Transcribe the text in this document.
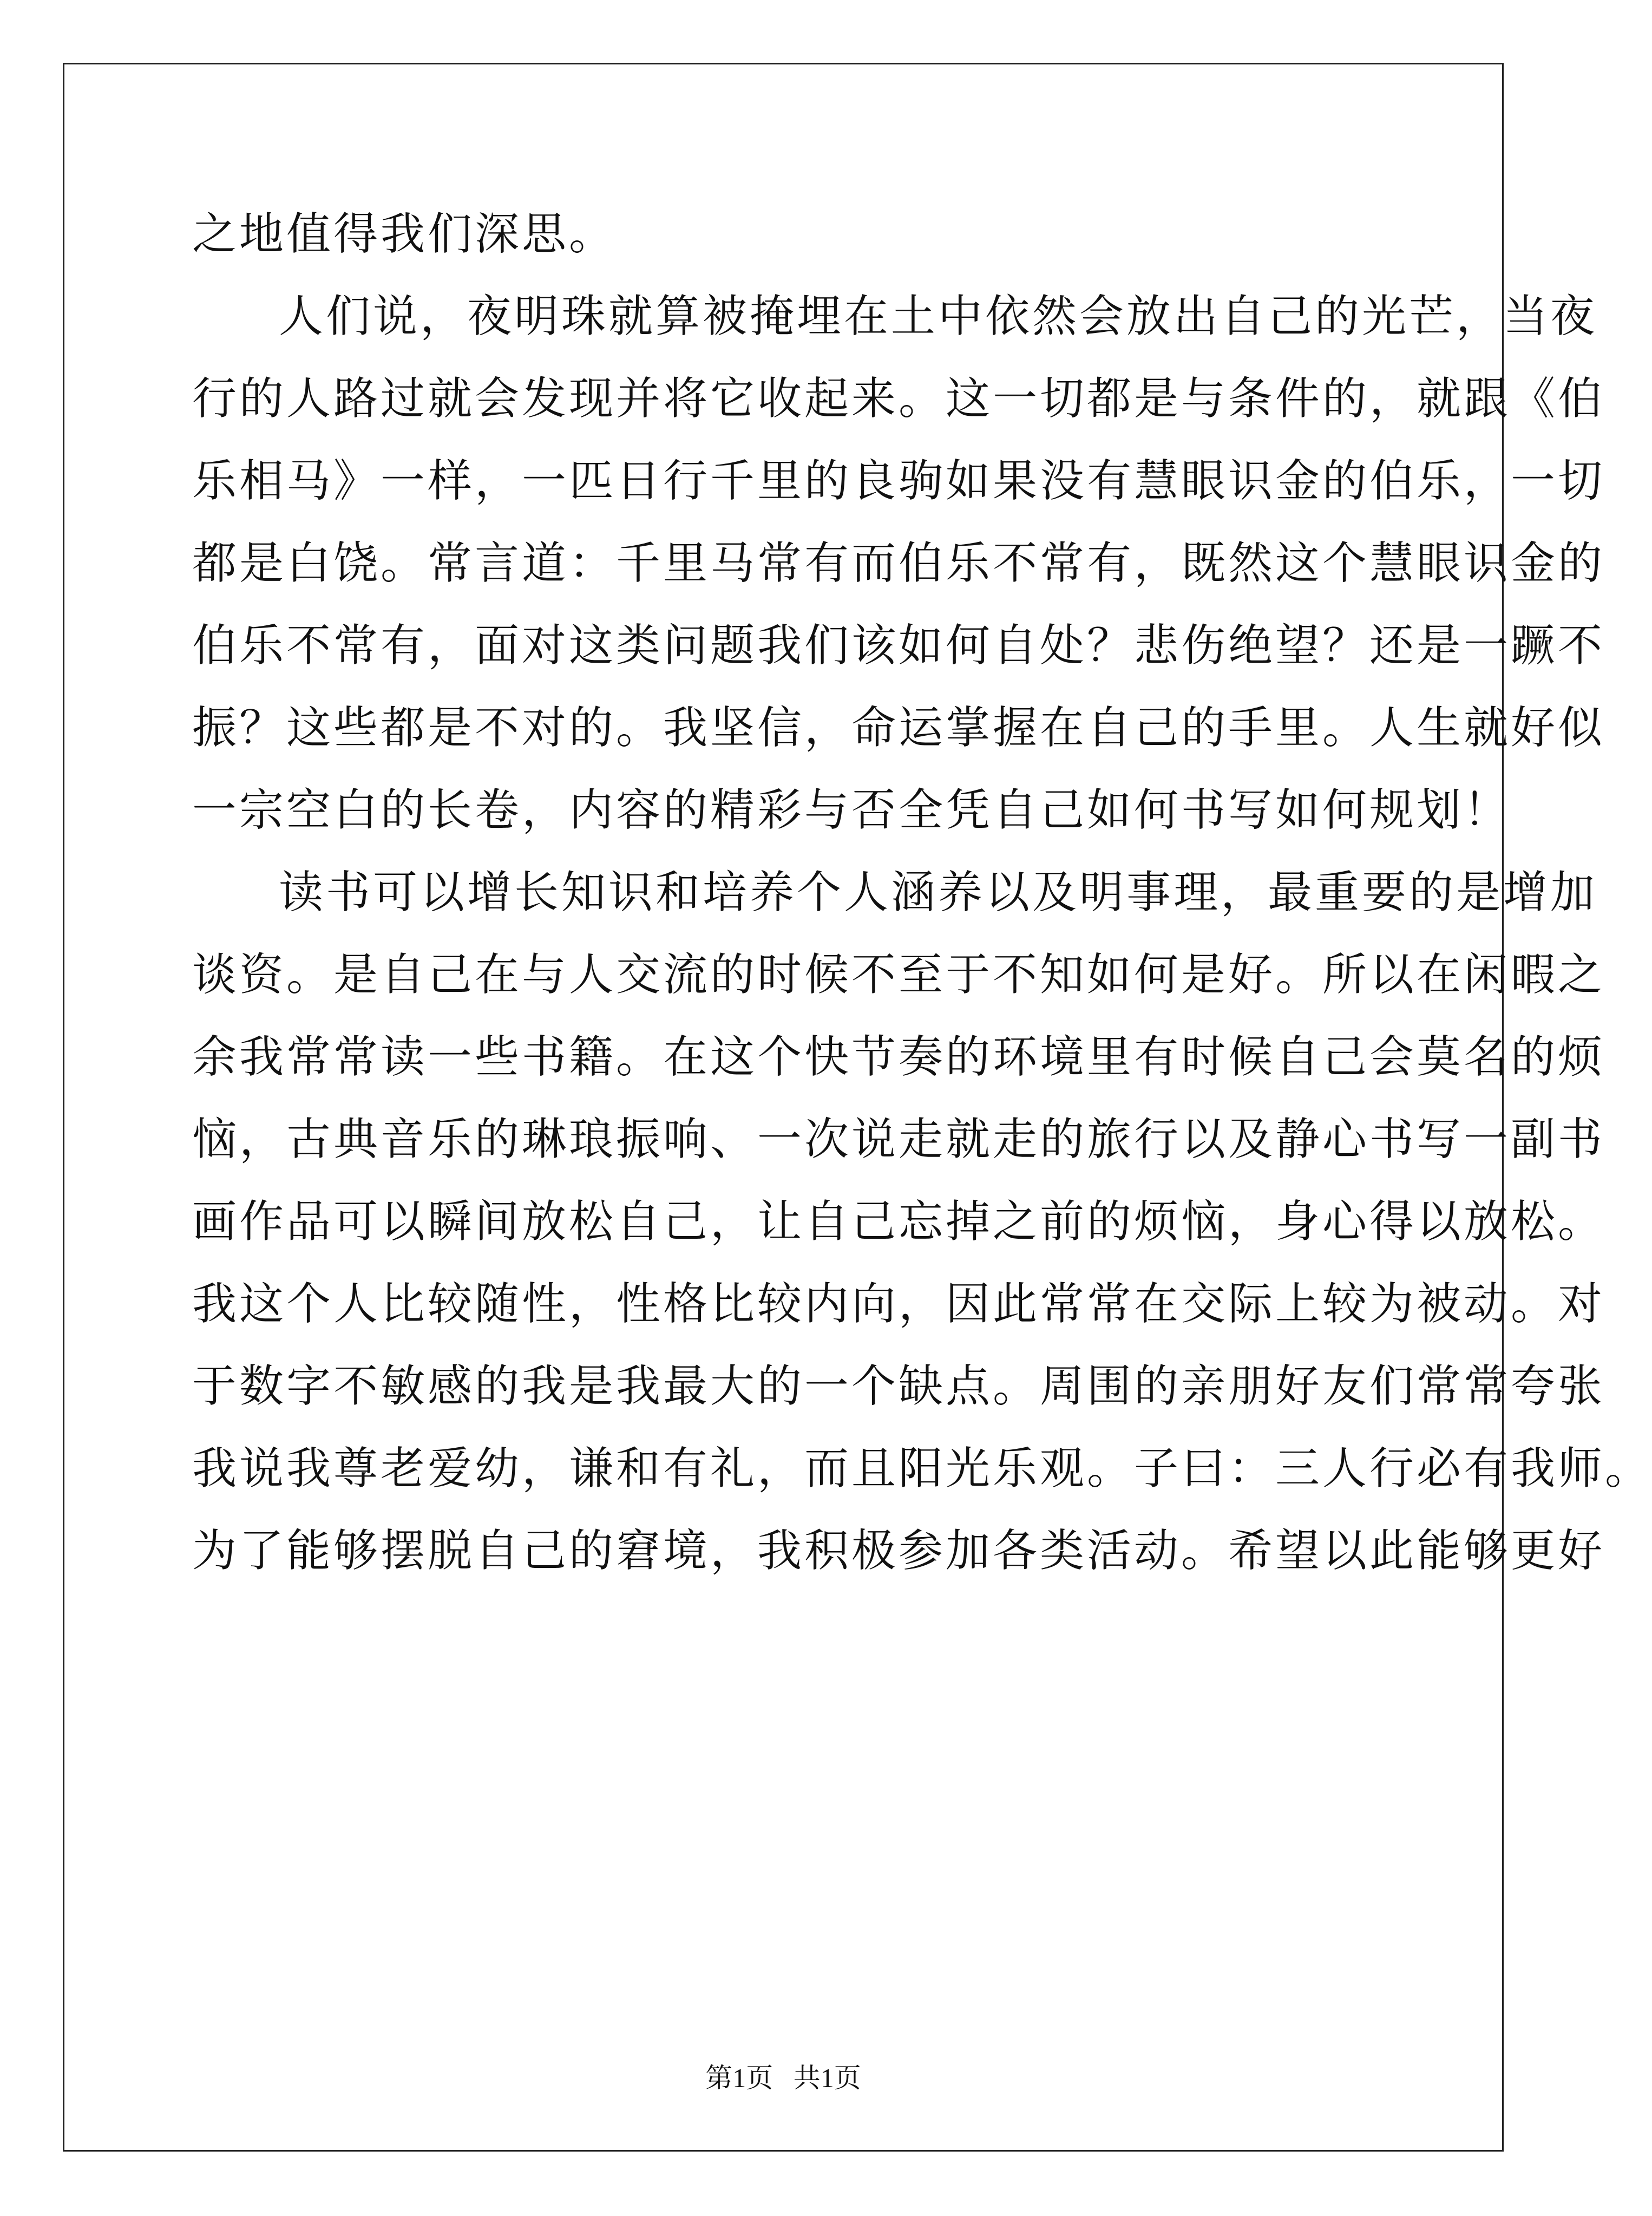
之地值得我们深思。
人们说，夜明珠就算被掩埋在土中依然会放出自己的光芒，当夜
行的人路过就会发现并将它收起来。这一切都是与条件的，就跟《伯
乐相马》一样，一匹日行千里的良驹如果没有慧眼识金的伯乐，一切
都是白饶。常言道：千里马常有而伯乐不常有，既然这个慧眼识金的
伯乐不常有，面对这类问题我们该如何自处？悲伤绝望？还是一蹶不
振？这些都是不对的。我坚信，命运掌握在自己的手里。人生就好似
一宗空白的长卷，内容的精彩与否全凭自己如何书写如何规划！
读书可以增长知识和培养个人涵养以及明事理，最重要的是增加
谈资。是自己在与人交流的时候不至于不知如何是好。所以在闲暇之
余我常常读一些书籍。在这个快节奏的环境里有时候自己会莫名的烦
恼，古典音乐的琳琅振响、一次说走就走的旅行以及静心书写一副书
画作品可以瞬间放松自己，让自己忘掉之前的烦恼，身心得以放松。
我这个人比较随性，性格比较内向，因此常常在交际上较为被动。对
于数字不敏感的我是我最大的一个缺点。周围的亲朋好友们常常夸张
我说我尊老爱幼，谦和有礼，而且阳光乐观。子曰：三人行必有我师。
为了能够摆脱自己的窘境，我积极参加各类活动。希望以此能够更好
第1页   共1页
